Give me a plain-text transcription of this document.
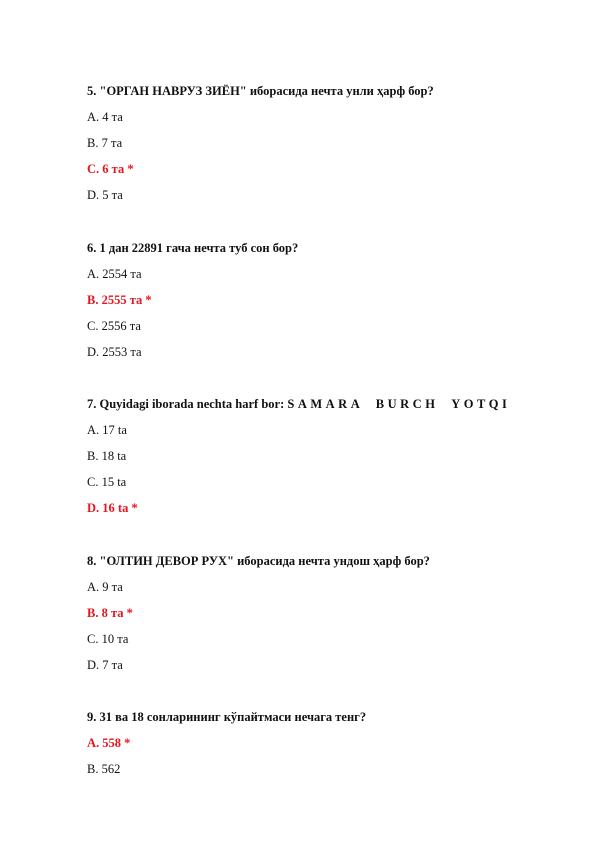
5. "ОРГАН НАВРУЗ ЗИЁН" иборасида нечта унли ҳарф бор?
A. 4 та
B. 7 та
C. 6 та *
D. 5 та
6. 1 дан 22891 гача нечта туб сон бор?
A. 2554 та
B. 2555 та *
C. 2556 та
D. 2553 та
7. Quyidagi iborada nechta harf bor: SAMARA  BURCH  YOTQI
A. 17 ta
B. 18 ta
C. 15 ta
D. 16 ta *
8. "ОЛТИН ДЕВОР РУХ" иборасида нечта ундош ҳарф бор?
A. 9 та
B. 8 та *
C. 10 та
D. 7 та
9. 31 ва 18 сонларининг кўпайтмаси нечага тенг?
A. 558 *
B. 562
